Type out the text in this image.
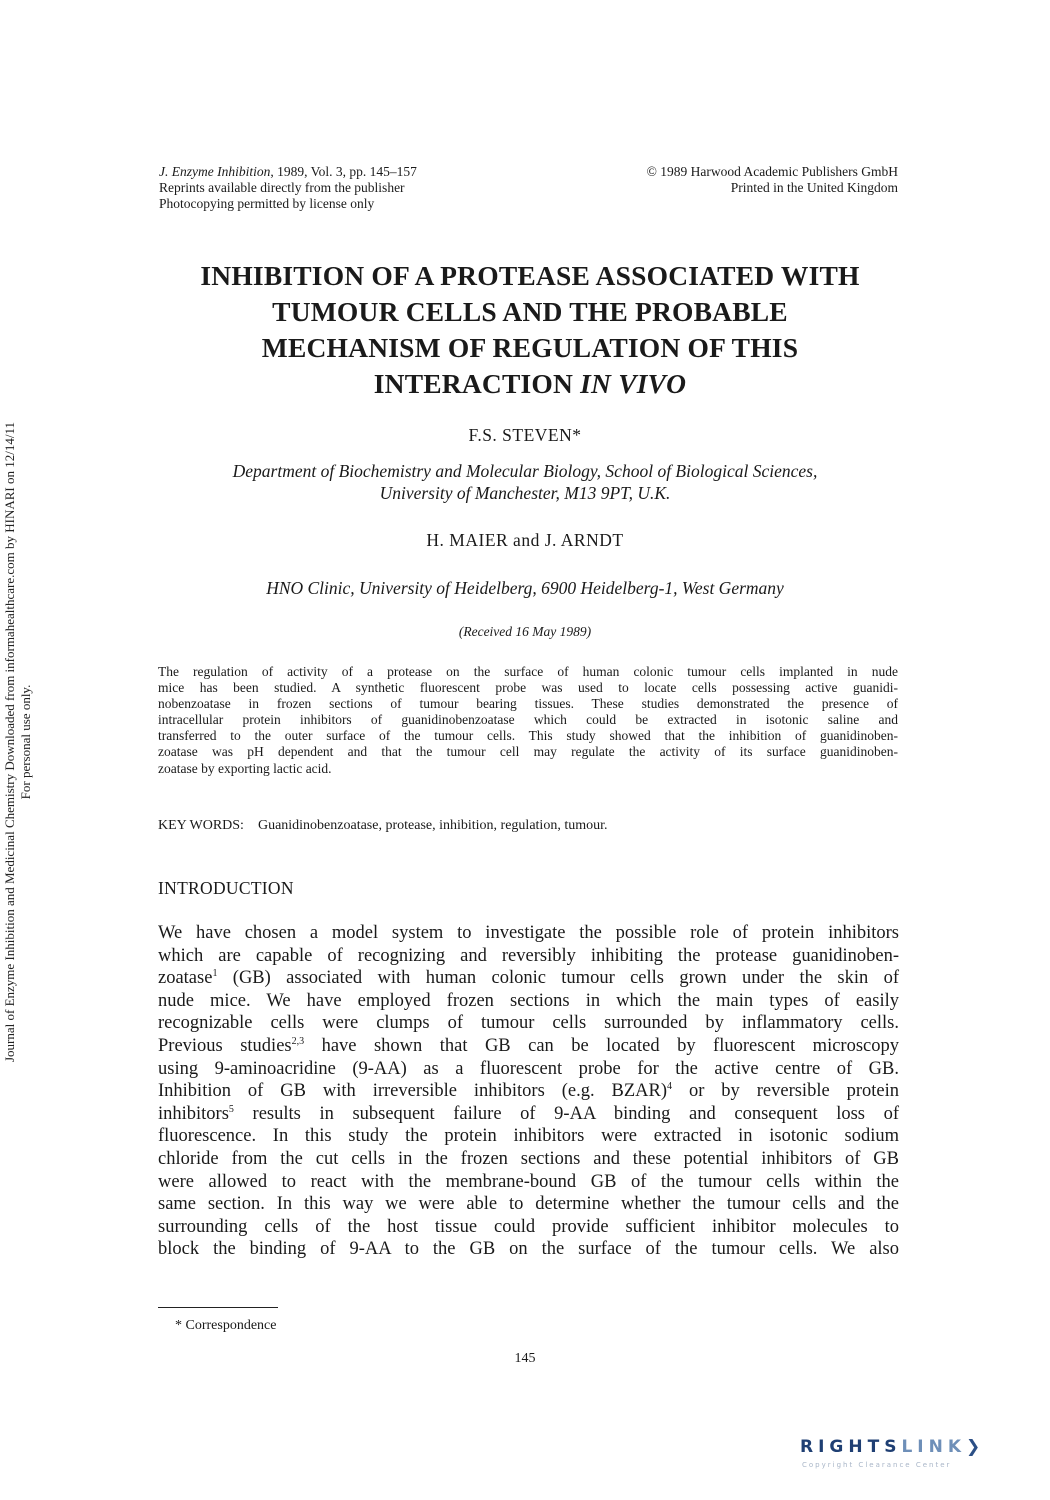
J. Enzyme Inhibition, 1989, Vol. 3, pp. 145–157
Reprints available directly from the publisher
Photocopying permitted by license only
© 1989 Harwood Academic Publishers GmbH
Printed in the United Kingdom
INHIBITION OF A PROTEASE ASSOCIATED WITH
TUMOUR CELLS AND THE PROBABLE
MECHANISM OF REGULATION OF THIS
INTERACTION IN VIVO
F.S. STEVEN*
Department of Biochemistry and Molecular Biology, School of Biological Sciences,
University of Manchester, M13 9PT, U.K.
H. MAIER and J. ARNDT
HNO Clinic, University of Heidelberg, 6900 Heidelberg-1, West Germany
(Received 16 May 1989)
The regulation of activity of a protease on the surface of human colonic tumour cells implanted in nude
mice has been studied. A synthetic fluorescent probe was used to locate cells possessing active guanidi-
nobenzoatase in frozen sections of tumour bearing tissues. These studies demonstrated the presence of
intracellular protein inhibitors of guanidinobenzoatase which could be extracted in isotonic saline and
transferred to the outer surface of the tumour cells. This study showed that the inhibition of guanidinoben-
zoatase was pH dependent and that the tumour cell may regulate the activity of its surface guanidinoben-
zoatase by exporting lactic acid.
KEY WORDS: Guanidinobenzoatase, protease, inhibition, regulation, tumour.
INTRODUCTION
We have chosen a model system to investigate the possible role of protein inhibitors
which are capable of recognizing and reversibly inhibiting the protease guanidinoben-
zoatase$^1$ (GB) associated with human colonic tumour cells grown under the skin of
nude mice. We have employed frozen sections in which the main types of easily
recognizable cells were clumps of tumour cells surrounded by inflammatory cells.
Previous studies$^{2,3}$ have shown that GB can be located by fluorescent microscopy
using 9-aminoacridine (9-AA) as a fluorescent probe for the active centre of GB.
Inhibition of GB with irreversible inhibitors (e.g. BZAR)$^4$ or by reversible protein
inhibitors$^5$ results in subsequent failure of 9-AA binding and consequent loss of
fluorescence. In this study the protein inhibitors were extracted in isotonic sodium
chloride from the cut cells in the frozen sections and these potential inhibitors of GB
were allowed to react with the membrane-bound GB of the tumour cells within the
same section. In this way we were able to determine whether the tumour cells and the
surrounding cells of the host tissue could provide sufficient inhibitor molecules to
block the binding of 9-AA to the GB on the surface of the tumour cells. We also
* Correspondence
145
Journal of Enzyme Inhibition and Medicinal Chemistry Downloaded from informahealthcare.com by HINARI on 12/14/11 For personal use only.
RIGHTSLINK❯
Copyright Clearance Center
